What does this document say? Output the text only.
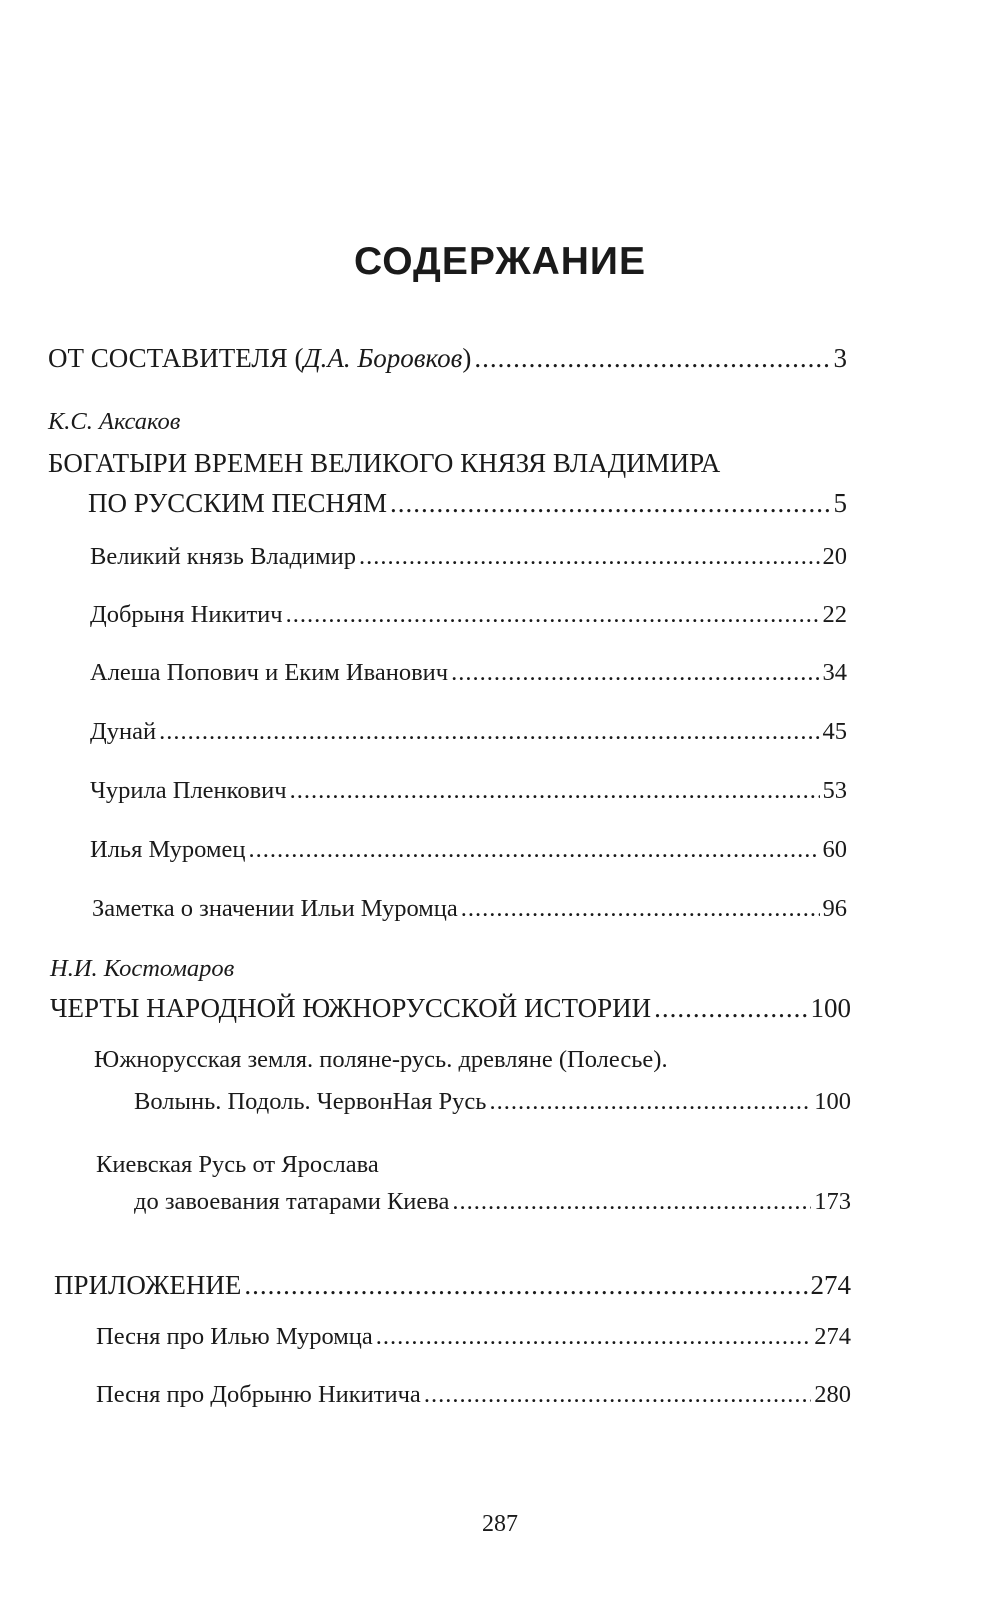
СОДЕРЖАНИЕ
ОТ СОСТАВИТЕЛЯ (Д.А. Боровков) .....	3
К.С. Аксаков
БОГАТЫРИ ВРЕМЕН ВЕЛИКОГО КНЯЗЯ ВЛАДИМИРА
ПО РУССКИМ ПЕСНЯМ .....	5
Великий князь Владимир .....	20
Добрыня Никитич .....	22
Алеша Попович и Еким Иванович .....	34
Дунай .....	45
Чурила Пленкович .....	53
Илья Муромец .....	60
Заметка о значении Ильи Муромца .....	96
Н.И. Костомаров
ЧЕРТЫ НАРОДНОЙ ЮЖНОРУССКОЙ ИСТОРИИ .....	100
Южнорусская земля. поляне-русь. древляне (Полесье).
Волынь. Подоль. ЧервонНая Русь .....	100
Киевская Русь от Ярослава
до завоевания татарами Киева .....	173
ПРИЛОЖЕНИЕ .....	274
Песня про Илью Муромца .....	274
Песня про Добрыню Никитича .....	280
287
